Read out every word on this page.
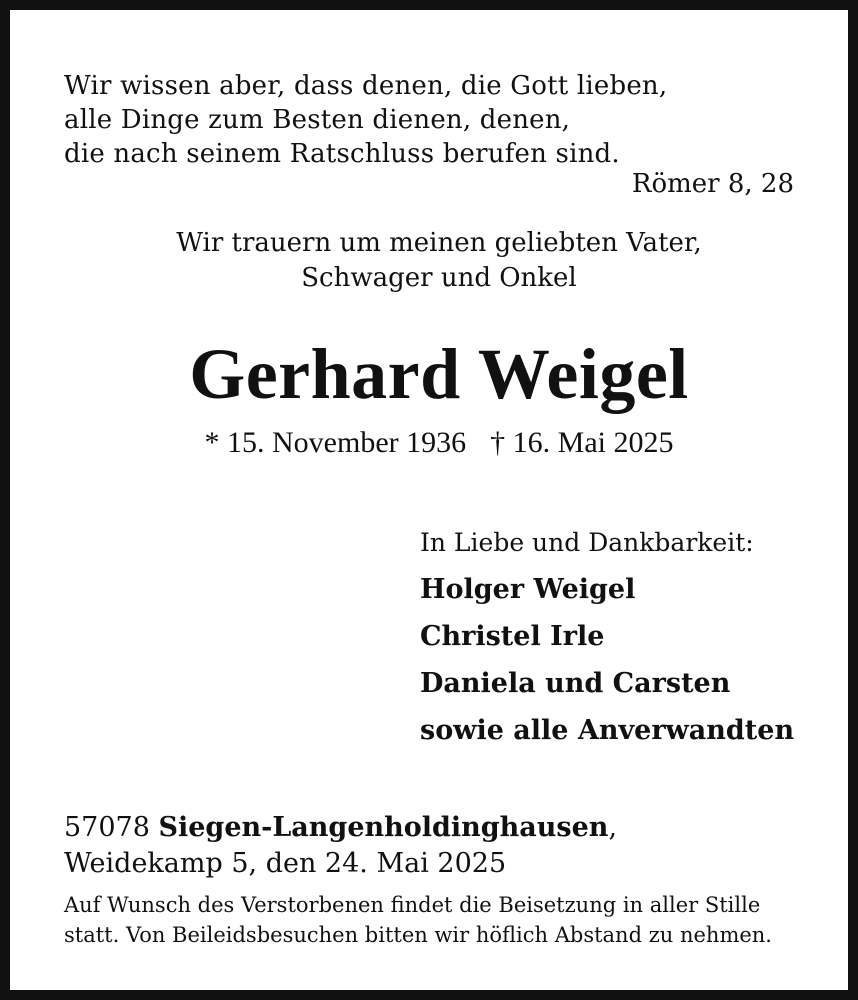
Wir wissen aber, dass denen, die Gott lieben,
alle Dinge zum Besten dienen, denen,
die nach seinem Ratschluss berufen sind.
Römer 8, 28
Wir trauern um meinen geliebten Vater,
Schwager und Onkel
Gerhard Weigel
* 15. November 1936 † 16. Mai 2025
In Liebe und Dankbarkeit:
Holger Weigel
Christel Irle
Daniela und Carsten
sowie alle Anverwandten
57078 Siegen-Langenholdinghausen,
Weidekamp 5, den 24. Mai 2025
Auf Wunsch des Verstorbenen findet die Beisetzung in aller Stille
statt. Von Beileidsbesuchen bitten wir höflich Abstand zu nehmen.
